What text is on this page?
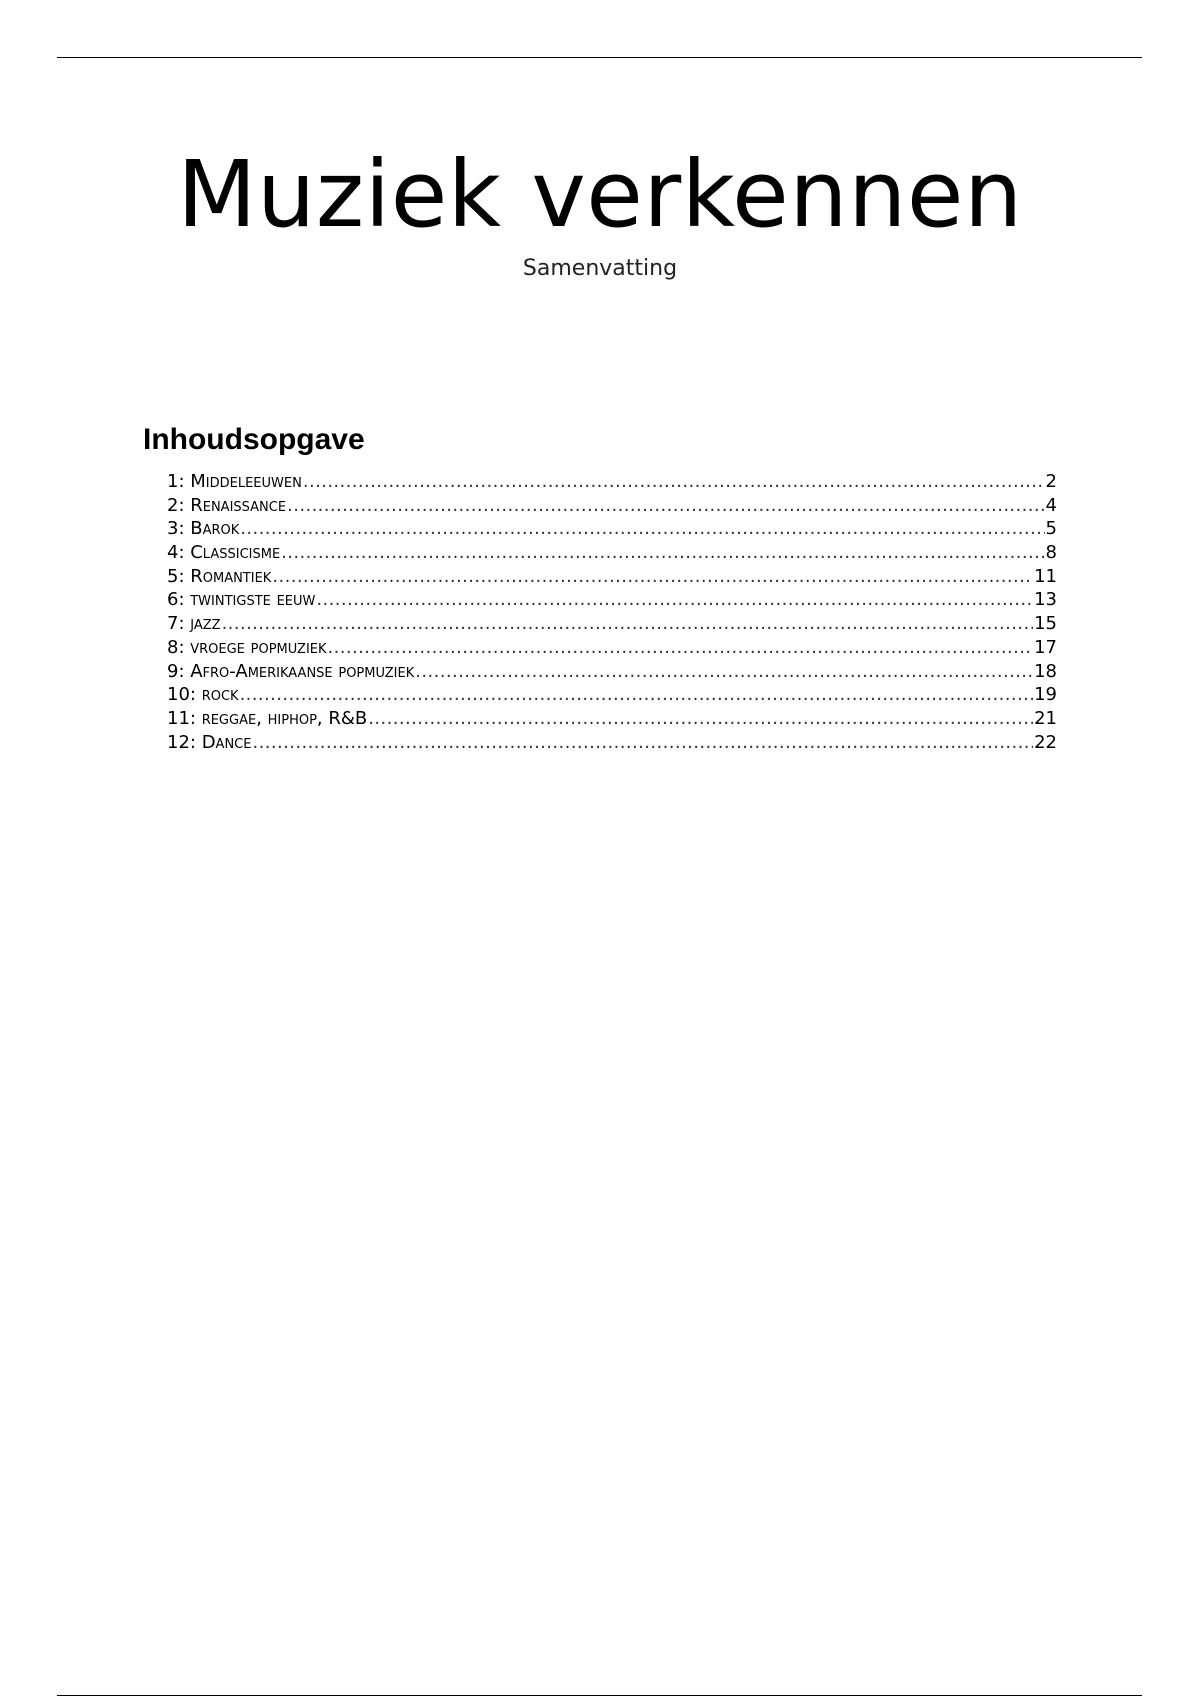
Muziek verkennen
Samenvatting
Inhoudsopgave
1: Middeleeuwen .....	2
2: Renaissance .....	4
3: Barok .....	5
4: Classicisme .....	8
5: Romantiek .....	11
6: twintigste eeuw .....	13
7: jazz .....	15
8: vroege popmuziek .....	17
9: Afro-Amerikaanse popmuziek .....	18
10: rock .....	19
11: reggae, hiphop, R&B .....	21
12: Dance .....	22
